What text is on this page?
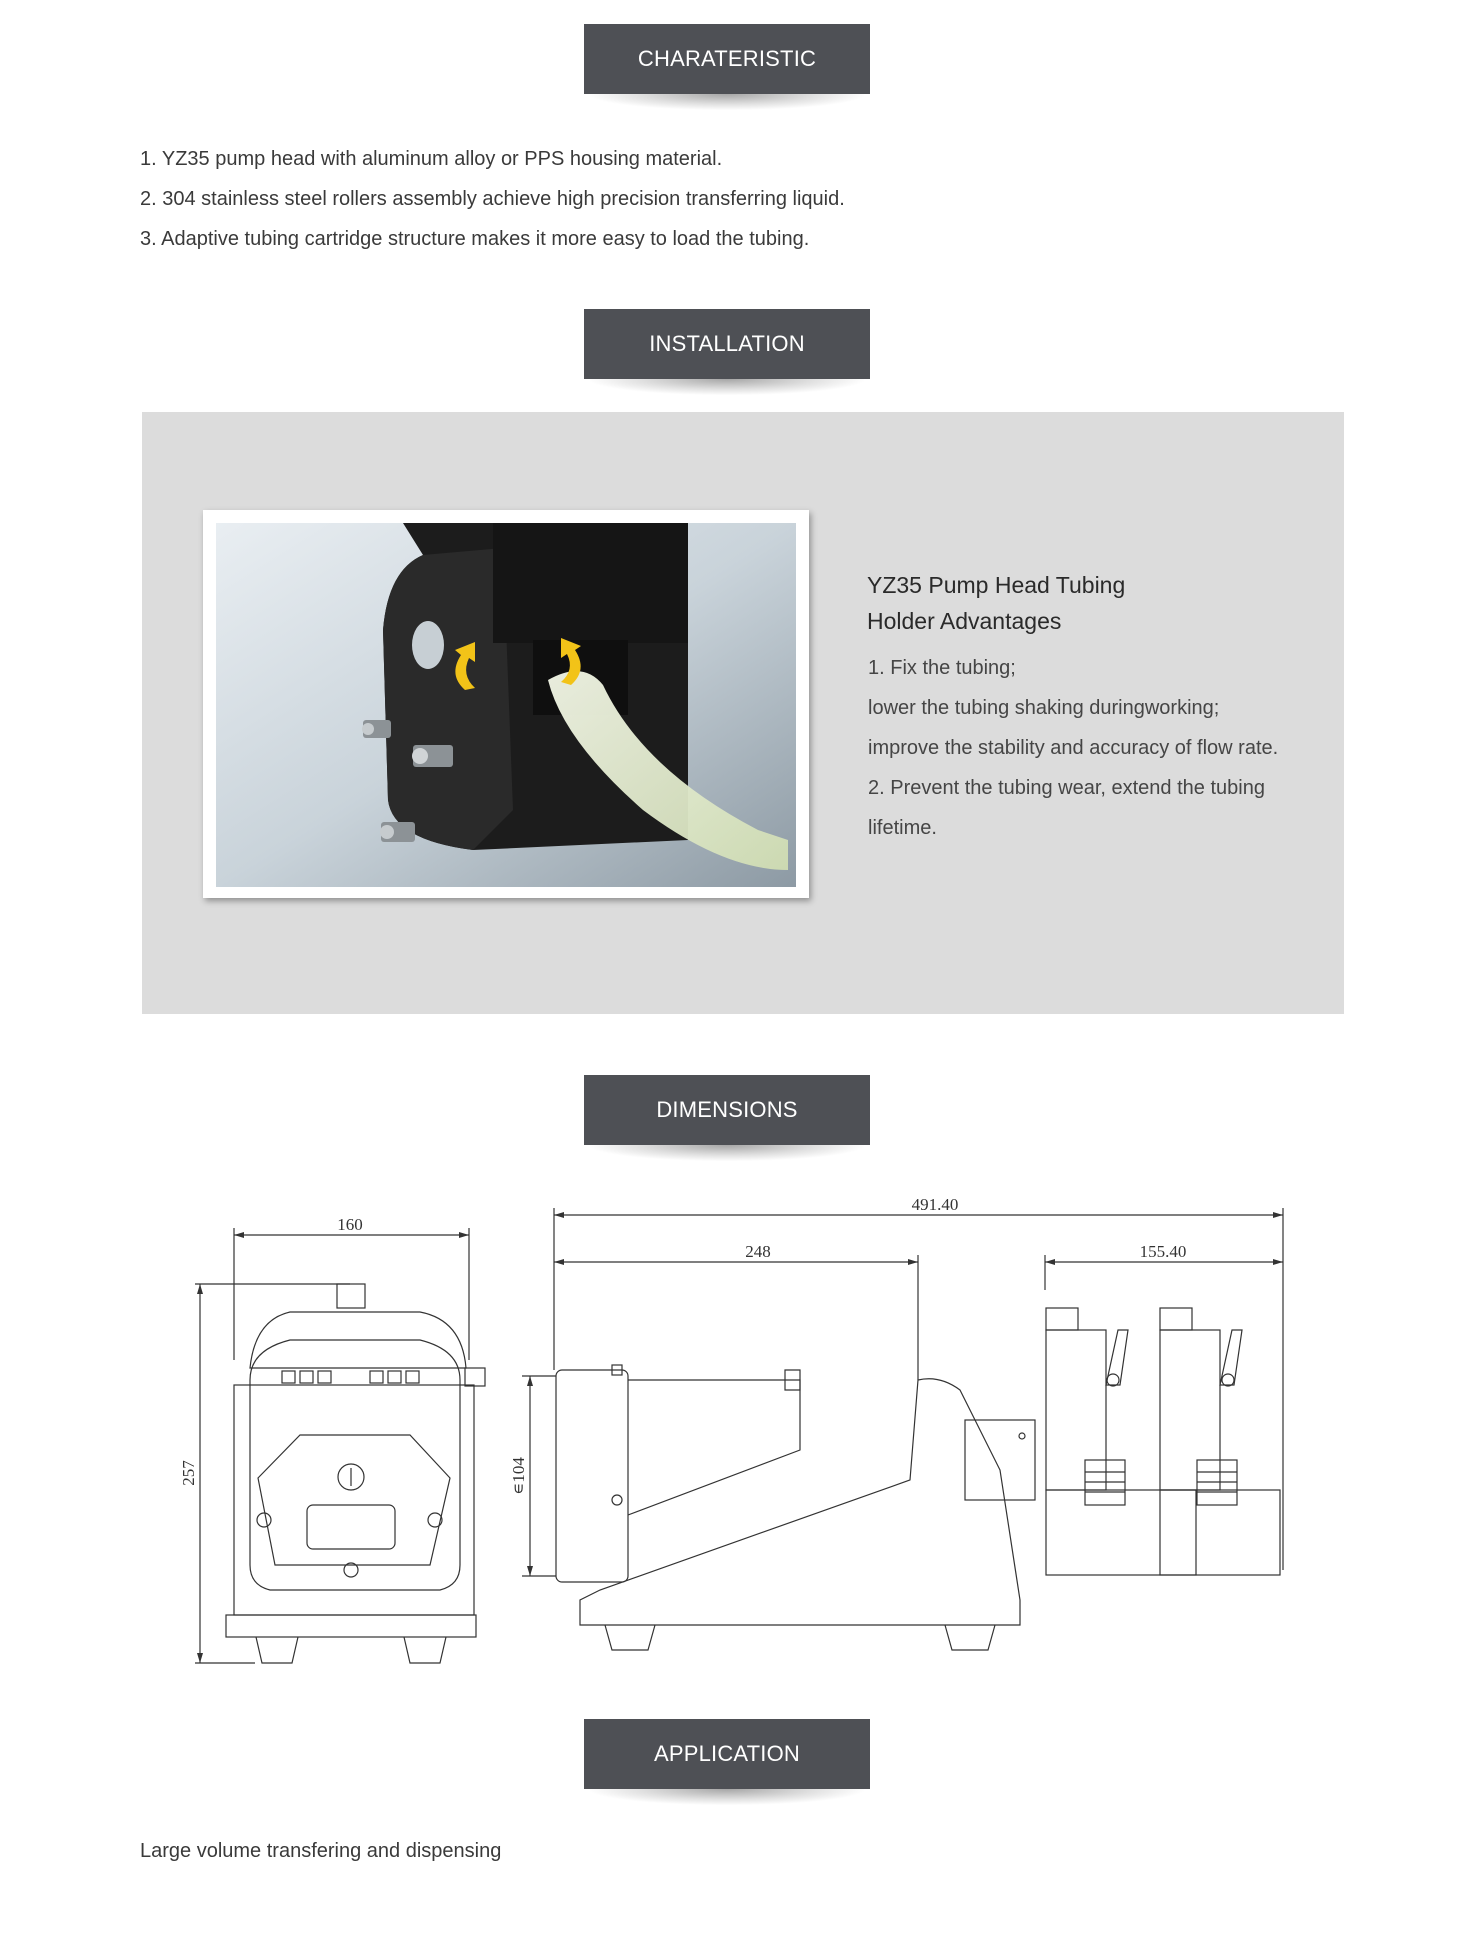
CHARATERISTIC
1. YZ35 pump head with aluminum alloy or PPS housing material.
2. 304 stainless steel rollers assembly achieve high precision transferring liquid.
3. Adaptive tubing cartridge structure makes it more easy to load the tubing.
INSTALLATION
YZ35 Pump Head Tubing
Holder Advantages
1. Fix the tubing;
lower the tubing shaking duringworking;
improve the stability and accuracy of flow rate.
2. Prevent the tubing wear, extend the tubing
lifetime.
DIMENSIONS
160
257
491.40
248	155.40
∊104
APPLICATION
Large volume transfering and dispensing
